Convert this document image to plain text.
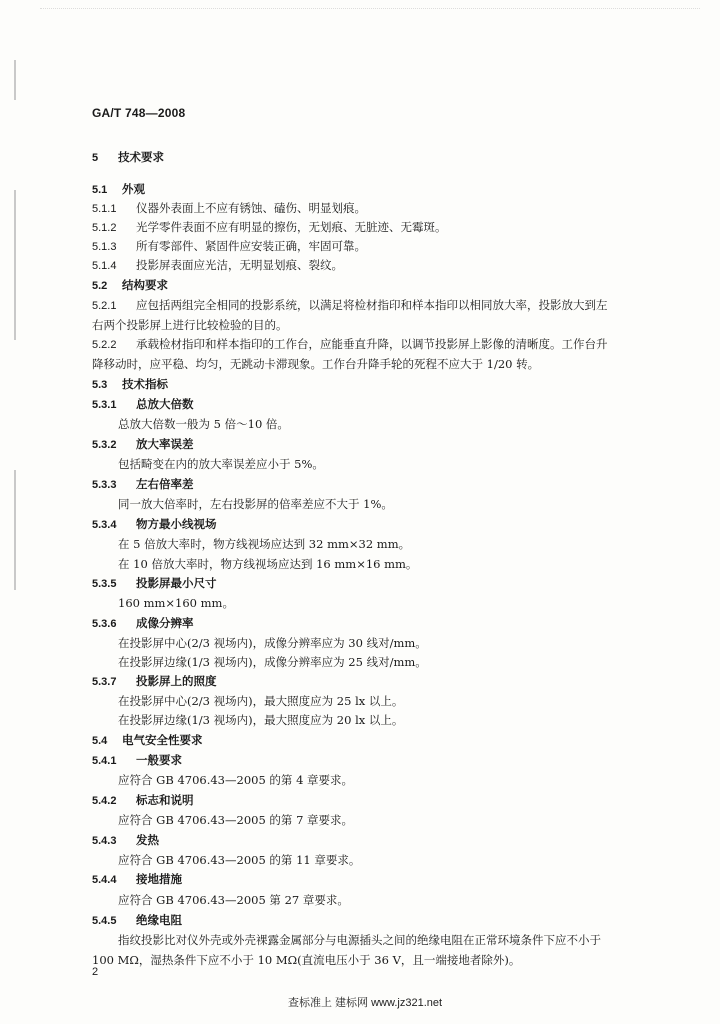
GA/T 748—2008
5 技术要求
5.1 外观
5.1.1 仪器外表面上不应有锈蚀、磕伤、明显划痕。
5.1.2 光学零件表面不应有明显的擦伤，无划痕、无脏迹、无霉斑。
5.1.3 所有零部件、紧固件应安装正确，牢固可靠。
5.1.4 投影屏表面应光洁，无明显划痕、裂纹。
5.2 结构要求
5.2.1 应包括两组完全相同的投影系统，以满足将检材指印和样本指印以相同放大率，投影放大到左
右两个投影屏上进行比较检验的目的。
5.2.2 承载检材指印和样本指印的工作台，应能垂直升降，以调节投影屏上影像的清晰度。工作台升
降移动时，应平稳、均匀，无跳动卡滞现象。工作台升降手轮的死程不应大于 1/20 转。
5.3 技术指标
5.3.1 总放大倍数
总放大倍数一般为 5 倍～10 倍。
5.3.2 放大率误差
包括畸变在内的放大率误差应小于 5%。
5.3.3 左右倍率差
同一放大倍率时，左右投影屏的倍率差应不大于 1%。
5.3.4 物方最小线视场
在 5 倍放大率时，物方线视场应达到 32 mm×32 mm。
在 10 倍放大率时，物方线视场应达到 16 mm×16 mm。
5.3.5 投影屏最小尺寸
160 mm×160 mm。
5.3.6 成像分辨率
在投影屏中心(2/3 视场内)，成像分辨率应为 30 线对/mm。
在投影屏边缘(1/3 视场内)，成像分辨率应为 25 线对/mm。
5.3.7 投影屏上的照度
在投影屏中心(2/3 视场内)，最大照度应为 25 lx 以上。
在投影屏边缘(1/3 视场内)，最大照度应为 20 lx 以上。
5.4 电气安全性要求
5.4.1 一般要求
应符合 GB 4706.43—2005 的第 4 章要求。
5.4.2 标志和说明
应符合 GB 4706.43—2005 的第 7 章要求。
5.4.3 发热
应符合 GB 4706.43—2005 的第 11 章要求。
5.4.4 接地措施
应符合 GB 4706.43—2005 第 27 章要求。
5.4.5 绝缘电阻
指纹投影比对仪外壳或外壳裸露金属部分与电源插头之间的绝缘电阻在正常环境条件下应不小于
100 MΩ，湿热条件下应不小于 10 MΩ(直流电压小于 36 V，且一端接地者除外)。
2
查标准上 建标网 www.jz321.net
